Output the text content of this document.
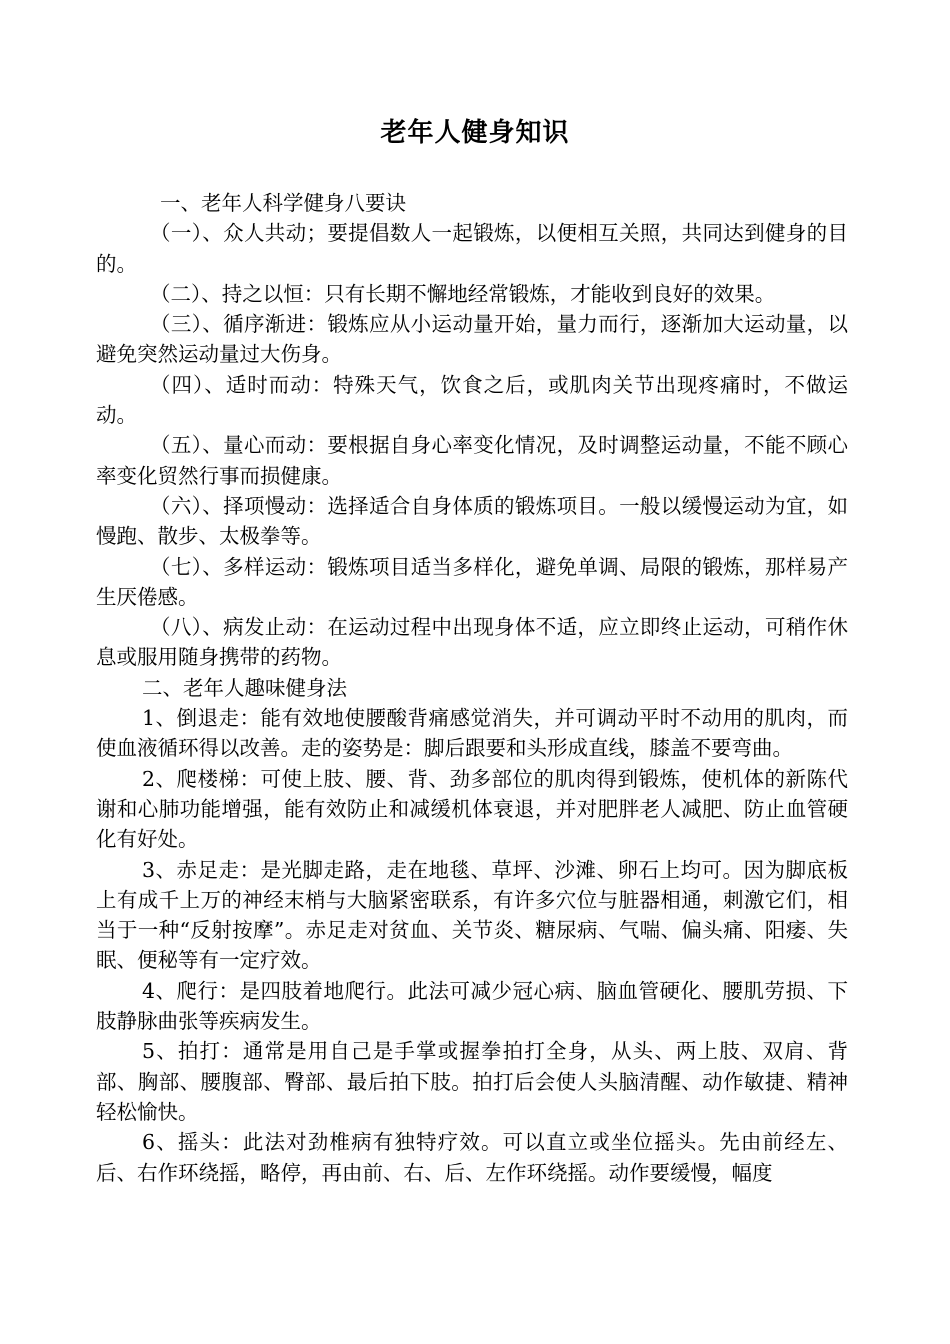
老年人健身知识

一、老年人科学健身八要诀

（一）、众人共动；要提倡数人一起锻炼，以便相互关照，共同达到健身的目的。

（二）、持之以恒：只有长期不懈地经常锻炼，才能收到良好的效果。

（三）、循序渐进：锻炼应从小运动量开始，量力而行，逐渐加大运动量，以避免突然运动量过大伤身。

（四）、适时而动：特殊天气，饮食之后，或肌肉关节出现疼痛时，不做运动。

（五）、量心而动：要根据自身心率变化情况，及时调整运动量，不能不顾心率变化贸然行事而损健康。

（六）、择项慢动：选择适合自身体质的锻炼项目。一般以缓慢运动为宜，如慢跑、散步、太极拳等。

（七）、多样运动：锻炼项目适当多样化，避免单调、局限的锻炼，那样易产生厌倦感。

（八）、病发止动：在运动过程中出现身体不适，应立即终止运动，可稍作休息或服用随身携带的药物。

二、老年人趣味健身法

1、倒退走：能有效地使腰酸背痛感觉消失，并可调动平时不动用的肌肉，而使血液循环得以改善。走的姿势是：脚后跟要和头形成直线，膝盖不要弯曲。

2、爬楼梯：可使上肢、腰、背、劲多部位的肌肉得到锻炼，使机体的新陈代谢和心肺功能增强，能有效防止和减缓机体衰退，并对肥胖老人减肥、防止血管硬化有好处。

3、赤足走：是光脚走路，走在地毯、草坪、沙滩、卵石上均可。因为脚底板上有成千上万的神经末梢与大脑紧密联系，有许多穴位与脏器相通，刺激它们，相当于一种“反射按摩”。赤足走对贫血、关节炎、糖尿病、气喘、偏头痛、阳痿、失眠、便秘等有一定疗效。

4、爬行：是四肢着地爬行。此法可减少冠心病、脑血管硬化、腰肌劳损、下肢静脉曲张等疾病发生。

5、拍打：通常是用自己是手掌或握拳拍打全身，从头、两上肢、双肩、背部、胸部、腰腹部、臀部、最后拍下肢。拍打后会使人头脑清醒、动作敏捷、精神轻松愉快。

6、摇头：此法对劲椎病有独特疗效。可以直立或坐位摇头。先由前经左、后、右作环绕摇，略停，再由前、右、后、左作环绕摇。动作要缓慢，幅度
